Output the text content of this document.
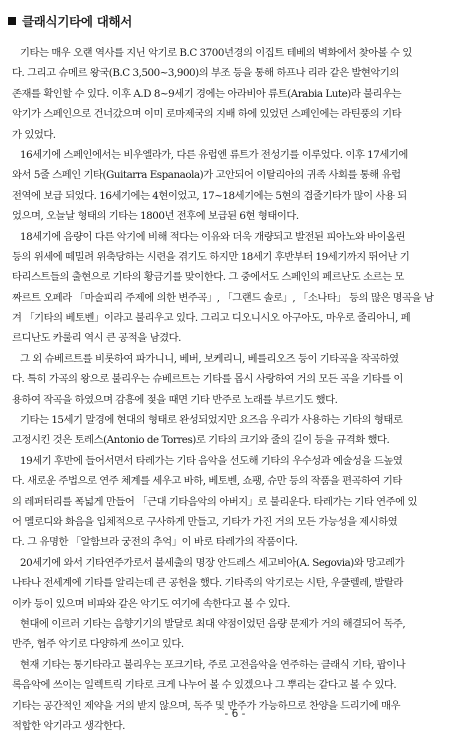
클래식기타에 대해서
기타는 매우 오랜 역사를 지닌 악기로 B.C 3700년경의 이집트 테베의 벽화에서 찾아볼 수 있
다. 그리고 슈메르 왕국(B.C 3,500~3,900)의 부조 등을 통해 하프나 리라 같은 발현악기의
존재를 확인할 수 있다. 이후 A.D 8~9세기 경에는 아라비아 류트(Arabia Lute)라 불리우는
악기가 스페인으로 건너갔으며 이미 로마제국의 지배 하에 있었던 스페인에는 라틴풍의 기타
가 있었다.
16세기에 스페인에서는 비우엘라가, 다른 유럽엔 류트가 전성기를 이루었다. 이후 17세기에
와서 5줄 스페인 기타(Guitarra Espanaola)가 고안되어 이탈리아의 귀족 사회를 통해 유럽
전역에 보급 되었다. 16세기에는 4현이었고, 17~18세기에는 5현의 겹줄기타가 많이 사용 되
었으며, 오늘날 형태의 기타는 1800년 전후에 보급된 6현 형태이다.
18세기에 음량이 다른 악기에 비해 적다는 이유와 더욱 개량되고 발전된 피아노와 바이올린
등의 위세에 떼밀려 위축당하는 시련을 겪기도 하지만 18세기 후반부터 19세기까지 뛰어난 기
타리스트들의 출현으로 기타의 황금기를 맞이한다. 그 중에서도 스페인의 페르난도 소르는 모
짜르트 오페라 「마술피리 주제에 의한 변주곡」, 「그랜드 솔로」, 「소나타」 등의 많은 명곡을 남
겨 「기타의 베토벤」이라고 불리우고 있다. 그리고 디오니시오 아구아도, 마우로 줄리아니, 페
르디난도 카룰리 역시 큰 공적을 남겼다.
그 외 슈베르트를 비롯하여 파가니니, 베버, 보케리니, 베를리오즈 등이 기타곡을 작곡하였
다. 특히 가곡의 왕으로 불리우는 슈베르트는 기타를 몹시 사랑하여 거의 모든 곡을 기타를 이
용하여 작곡을 하였으며 감흥에 젖을 때면 기타 반주로 노래를 부르기도 했다.
기타는 15세기 말경에 현대의 형태로 완성되었지만 요즈음 우리가 사용하는 기타의 형태로
고정시킨 것은 토레스(Antonio de Torres)로 기타의 크기와 줄의 길이 등을 규격화 했다.
19세기 후반에 들어서면서 타레가는 기타 음악을 선도해 기타의 우수성과 예술성을 드높였
다. 새로운 주법으로 연주 체계를 세우고 바하, 베토벤, 쇼팽, 슈만 등의 작품을 편곡하여 기타
의 레퍼터리를 폭넓게 만들어 「근대 기타음악의 아버지」로 불리운다. 타레가는 기타 연주에 있
어 멜로디와 화음을 입체적으로 구사하게 만들고, 기타가 가진 거의 모든 가능성을 제시하였
다. 그 유명한 「알함브라 궁전의 추억」이 바로 타레가의 작품이다.
20세기에 와서 기타연주가로서 불세출의 명장 안드레스 세고비아(A. Segovia)와 망고레가
나타나 전세계에 기타를 알리는데 큰 공헌을 했다. 기타족의 악기로는 시탄, 우쿨렐레, 발랄라
이카 등이 있으며 비파와 같은 악기도 여기에 속한다고 볼 수 있다.
현대에 이르러 기타는 음향기기의 발달로 최대 약점이었던 음량 문제가 거의 해결되어 독주,
반주, 협주 악기로 다양하게 쓰이고 있다.
현재 기타는 통기타라고 불리우는 포크기타, 주로 고전음악을 연주하는 클래식 기타, 팝이나
록음악에 쓰이는 일렉트릭 기타로 크게 나누어 볼 수 있겠으나 그 뿌리는 같다고 볼 수 있다.
기타는 공간적인 제약을 거의 받지 않으며, 독주 및 반주가 가능하므로 찬양을 드리기에 매우
적합한 악기라고 생각한다.
- 6 -
